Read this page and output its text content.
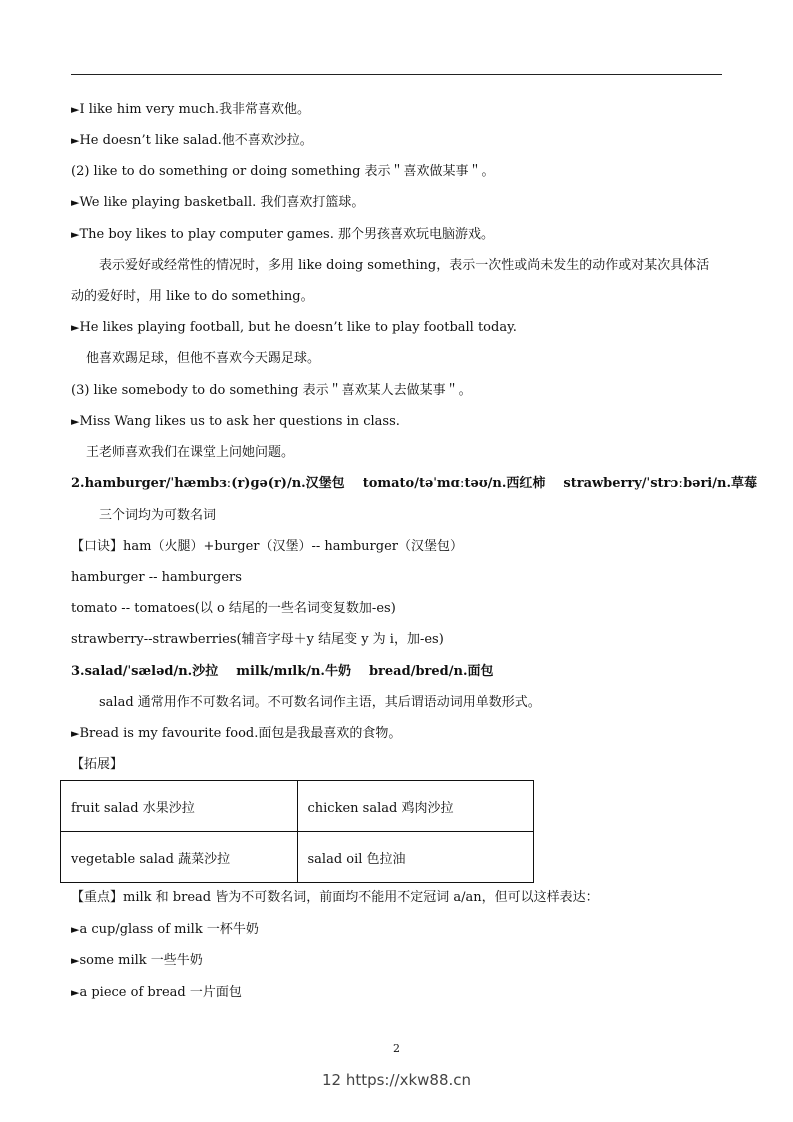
►I like him very much.我非常喜欢他。
►He doesn’t like salad.他不喜欢沙拉。
(2) like to do something or doing something 表示＂喜欢做某事＂。
►We like playing basketball. 我们喜欢打篮球。
►The boy likes to play computer games. 那个男孩喜欢玩电脑游戏。
表示爱好或经常性的情况时，多用 like doing something，表示一次性或尚未发生的动作或对某次具体活
动的爱好时，用 like to do something。
►He likes playing football, but he doesn’t like to play football today.
他喜欢踢足球，但他不喜欢今天踢足球。
(3) like somebody to do something 表示＂喜欢某人去做某事＂。
►Miss Wang likes us to ask her questions in class.
王老师喜欢我们在课堂上问她问题。
2.hamburger/ˈhæmbɜː(r)ɡə(r)/n.汉堡包 tomato/təˈmɑːtəʊ/n.西红柿 strawberry/ˈstrɔːbəri/n.草莓
三个词均为可数名词
【口诀】ham（火腿）+burger（汉堡）-- hamburger（汉堡包）
hamburger -- hamburgers
tomato -- tomatoes(以 o 结尾的一些名词变复数加-es)
strawberry--strawberries(辅音字母＋y 结尾变 y 为 i，加-es)
3.salad/ˈsæləd/n.沙拉 milk/mɪlk/n.牛奶 bread/bred/n.面包
salad 通常用作不可数名词。不可数名词作主语，其后谓语动词用单数形式。
►Bread is my favourite food.面包是我最喜欢的食物。
【拓展】
fruit salad 水果沙拉	chicken salad 鸡肉沙拉
vegetable salad 蔬菜沙拉	salad oil 色拉油
【重点】milk 和 bread 皆为不可数名词，前面均不能用不定冠词 a/an，但可以这样表达：
►a cup/glass of milk 一杯牛奶
►some milk 一些牛奶
►a piece of bread 一片面包
2
12 https://xkw88.cn
